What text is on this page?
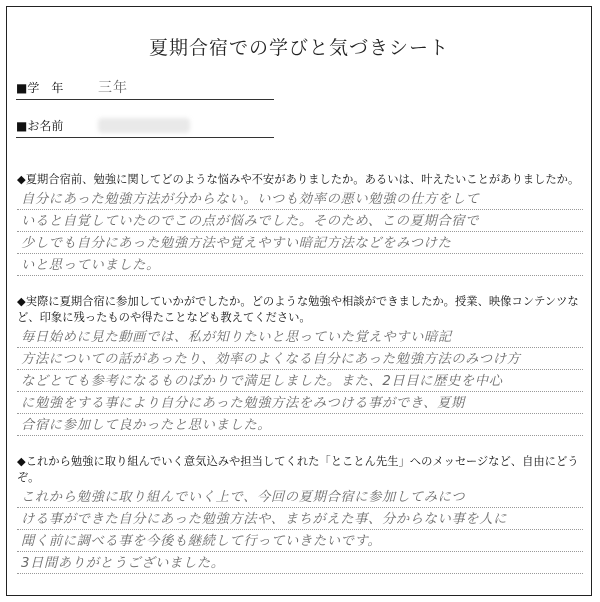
夏期合宿での学びと気づきシート
■学　年 三年
■お名前
◆夏期合宿前、勉強に関してどのような悩みや不安がありましたか。あるいは、叶えたいことがありましたか。
自分にあった勉強方法が分からない。いつも効率の悪い勉強の仕方をして
いると自覚していたのでこの点が悩みでした。そのため、この夏期合宿で
少しでも自分にあった勉強方法や覚えやすい暗記方法などをみつけた
いと思っていました。
◆実際に夏期合宿に参加していかがでしたか。どのような勉強や相談ができましたか。授業、映像コンテンツなど、印象に残ったものや得たことなども教えてください。
毎日始めに見た動画では、私が知りたいと思っていた覚えやすい暗記
方法についての話があったり、効率のよくなる自分にあった勉強方法のみつけ方
などとても参考になるものばかりで満足しました。また、2日目に歴史を中心
に勉強をする事により自分にあった勉強方法をみつける事ができ、夏期
合宿に参加して良かったと思いました。
◆これから勉強に取り組んでいく意気込みや担当してくれた「とことん先生」へのメッセージなど、自由にどうぞ。
これから勉強に取り組んでいく上で、今回の夏期合宿に参加してみにつ
ける事ができた自分にあった勉強方法や、まちがえた事、分からない事を人に
聞く前に調べる事を今後も継続して行っていきたいです。
3日間ありがとうございました。
